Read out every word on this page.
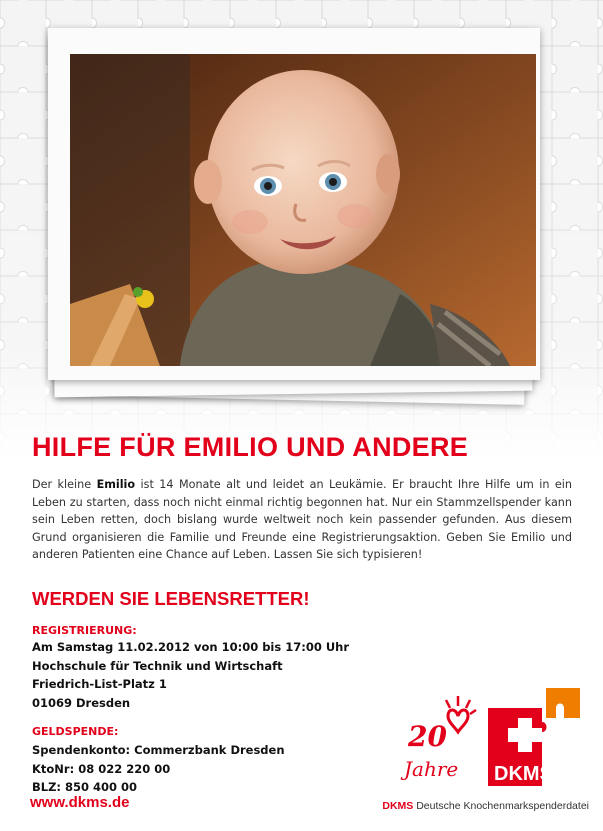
HILFE FÜR EMILIO UND ANDERE
Der kleine Emilio ist 14 Monate alt und leidet an Leukämie. Er braucht Ihre Hilfe um in ein Leben zu starten, dass noch nicht einmal richtig begonnen hat. Nur ein Stammzellspender kann sein Leben retten, doch bislang wurde weltweit noch kein passender gefunden. Aus diesem Grund organisieren die Familie und Freunde eine Registrierungsaktion. Geben Sie Emilio und anderen Patienten eine Chance auf Leben. Lassen Sie sich typisieren!
WERDEN SIE LEBENSRETTER!
REGISTRIERUNG:
Am Samstag 11.02.2012 von 10:00 bis 17:00 Uhr
Hochschule für Technik und Wirtschaft
Friedrich-List-Platz 1
01069 Dresden
GELDSPENDE:
Spendenkonto: Commerzbank Dresden
KtoNr: 08 022 220 00
BLZ: 850 400 00
www.dkms.de
20
Jahre DKMS
DKMS Deutsche Knochenmarkspenderdatei
